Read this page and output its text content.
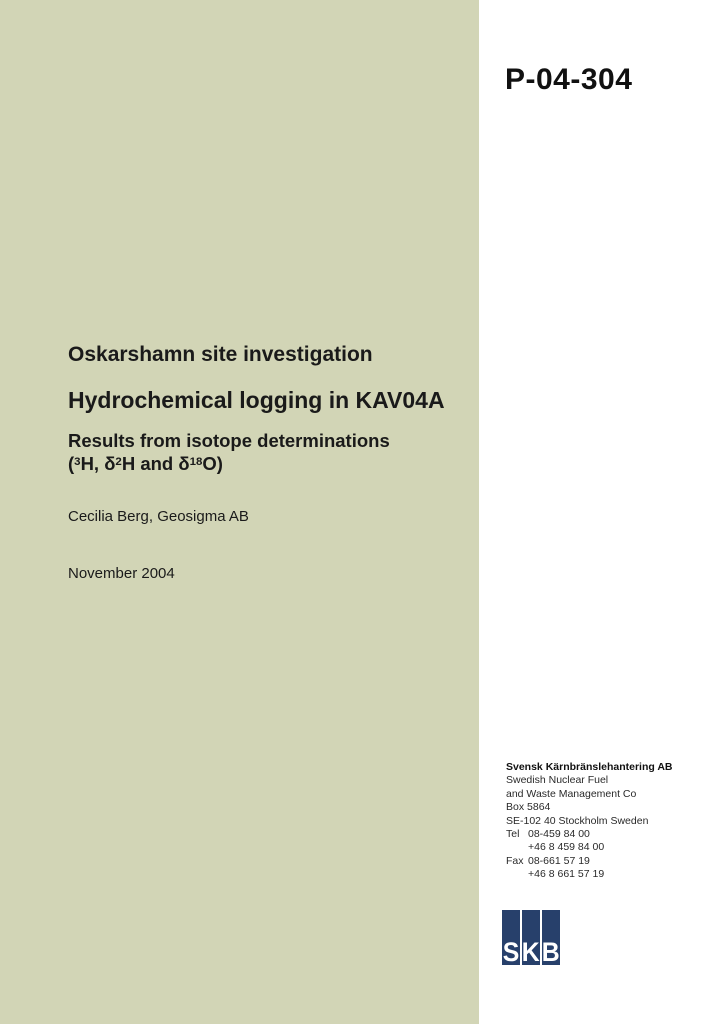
P-04-304
Oskarshamn site investigation
Hydrochemical logging in KAV04A
Results from isotope determinations
($^3$H, $\delta^2H$ and $\delta^{18}O$)
Cecilia Berg, Geosigma AB
November 2004
Svensk Kärnbränslehantering AB
Swedish Nuclear Fuel
and Waste Management Co
Box 5864
SE-102 40 Stockholm Sweden
Tel 08-459 84 00
+46 8 459 84 00
Fax 08-661 57 19
+46 8 661 57 19
S K B
